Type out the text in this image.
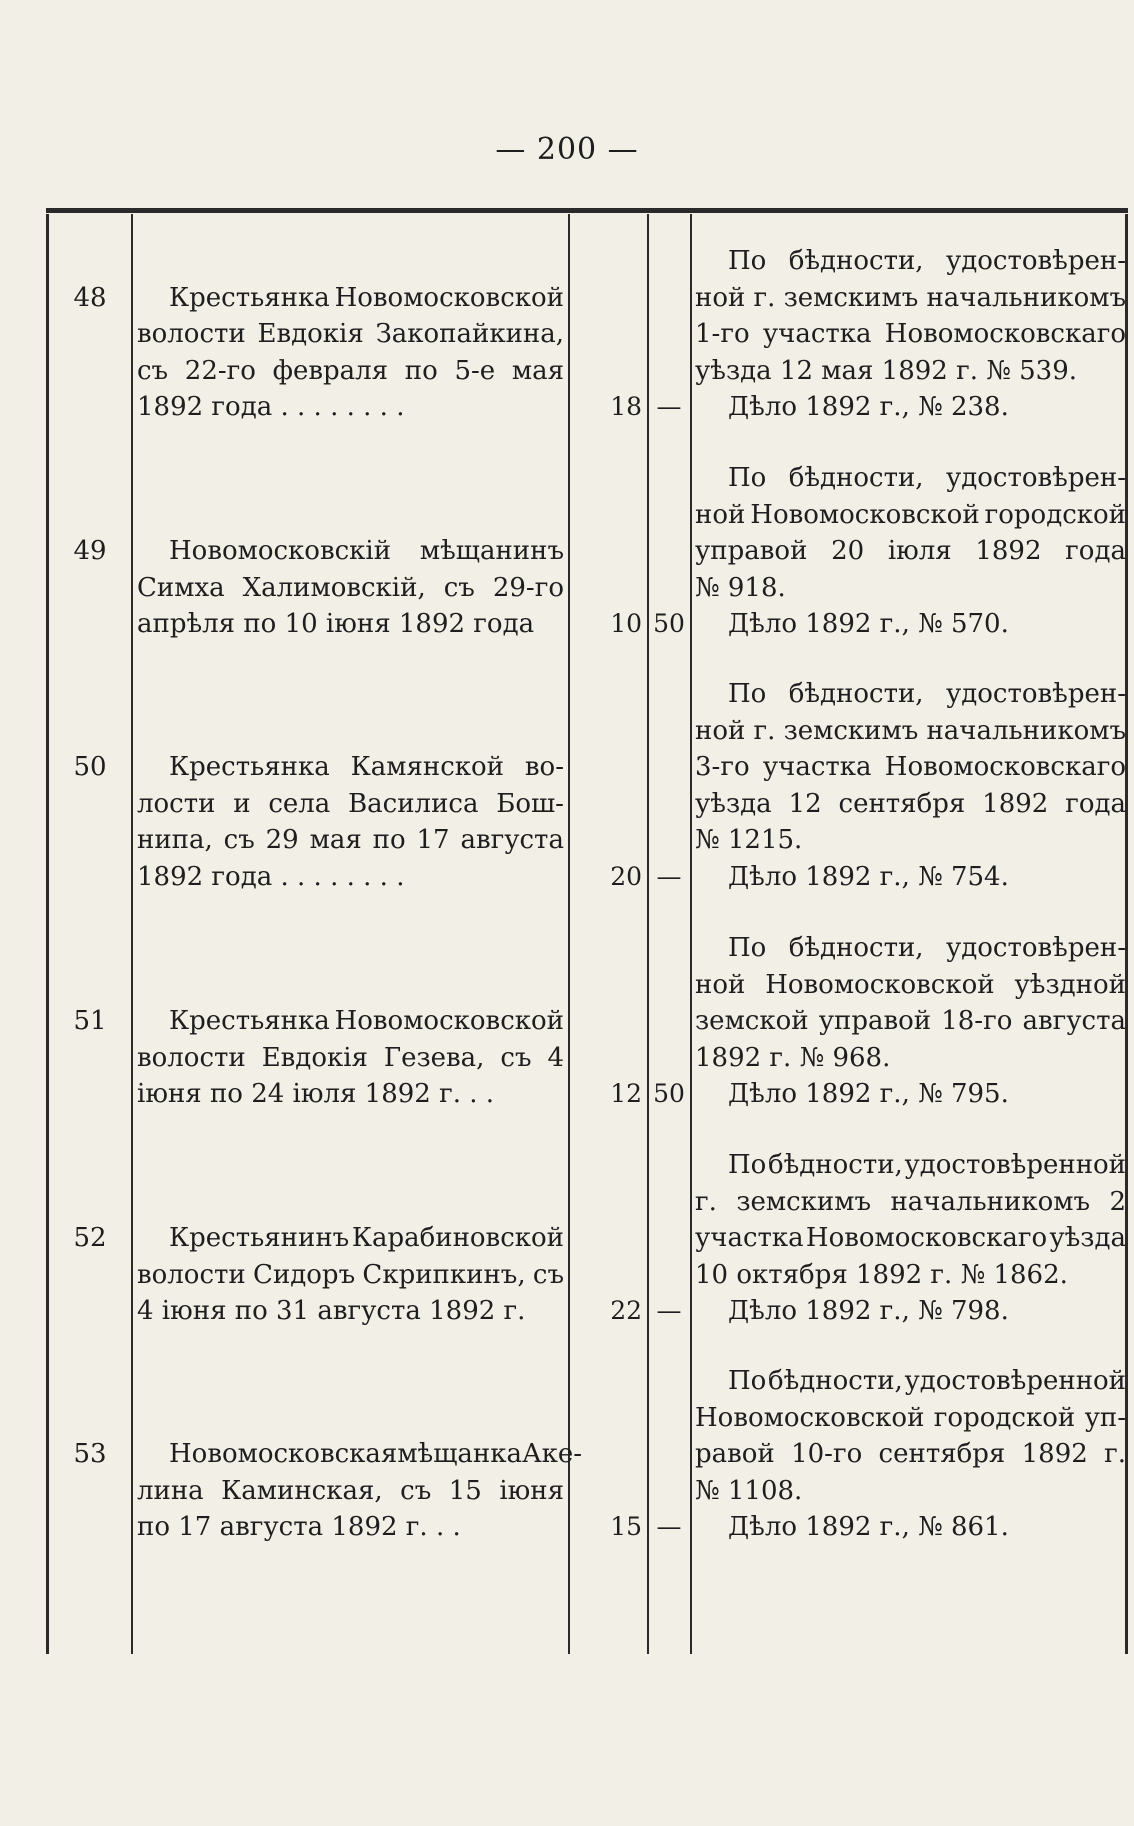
— 200 —
48	Крестьянка Новомосковской
волости Евдокія Закопайкина,
съ 22-го февраля по 5-е мая
1892 года . . . . . . . .	18 —
По бѣдности, удостовѣрен-
ной г. земскимъ начальникомъ
1-го участка Новомосковскаго
уѣзда 12 мая 1892 г. № 539.
Дѣло 1892 г., № 238.
49	Новомосковскій мѣщанинъ
Симха Халимовскій, съ 29-го
апрѣля по 10 іюня 1892 года	10 50
По бѣдности, удостовѣрен-
ной Новомосковской городской
управой 20 іюля 1892 года
№ 918.
Дѣло 1892 г., № 570.
50	Крестьянка Камянской во-
лости и села Василиса Бош-
нипа, съ 29 мая по 17 августа
1892 года . . . . . . . .	20 —
По бѣдности, удостовѣрен-
ной г. земскимъ начальникомъ
3-го участка Новомосковскаго
уѣзда 12 сентября 1892 года
№ 1215.
Дѣло 1892 г., № 754.
51	Крестьянка Новомосковской
волости Евдокія Гезева, съ 4
іюня по 24 іюля 1892 г. . .	12 50
По бѣдности, удостовѣрен-
ной Новомосковской уѣздной
земской управой 18-го августа
1892 г. № 968.
Дѣло 1892 г., № 795.
52	Крестьянинъ Карабиновской
волости Сидоръ Скрипкинъ, съ
4 іюня по 31 августа 1892 г.	22 —
По бѣдности, удостовѣренной
г. земскимъ начальникомъ 2
участка Новомосковскаго уѣзда
10 октября 1892 г. № 1862.
Дѣло 1892 г., № 798.
53	Новомосковская мѣщанка Аке-
лина Каминская, съ 15 іюня
по 17 августа 1892 г. . .	15 —
По бѣдности, удостовѣренной
Новомосковской городской уп-
равой 10-го сентября 1892 г.
№ 1108.
Дѣло 1892 г., № 861.
